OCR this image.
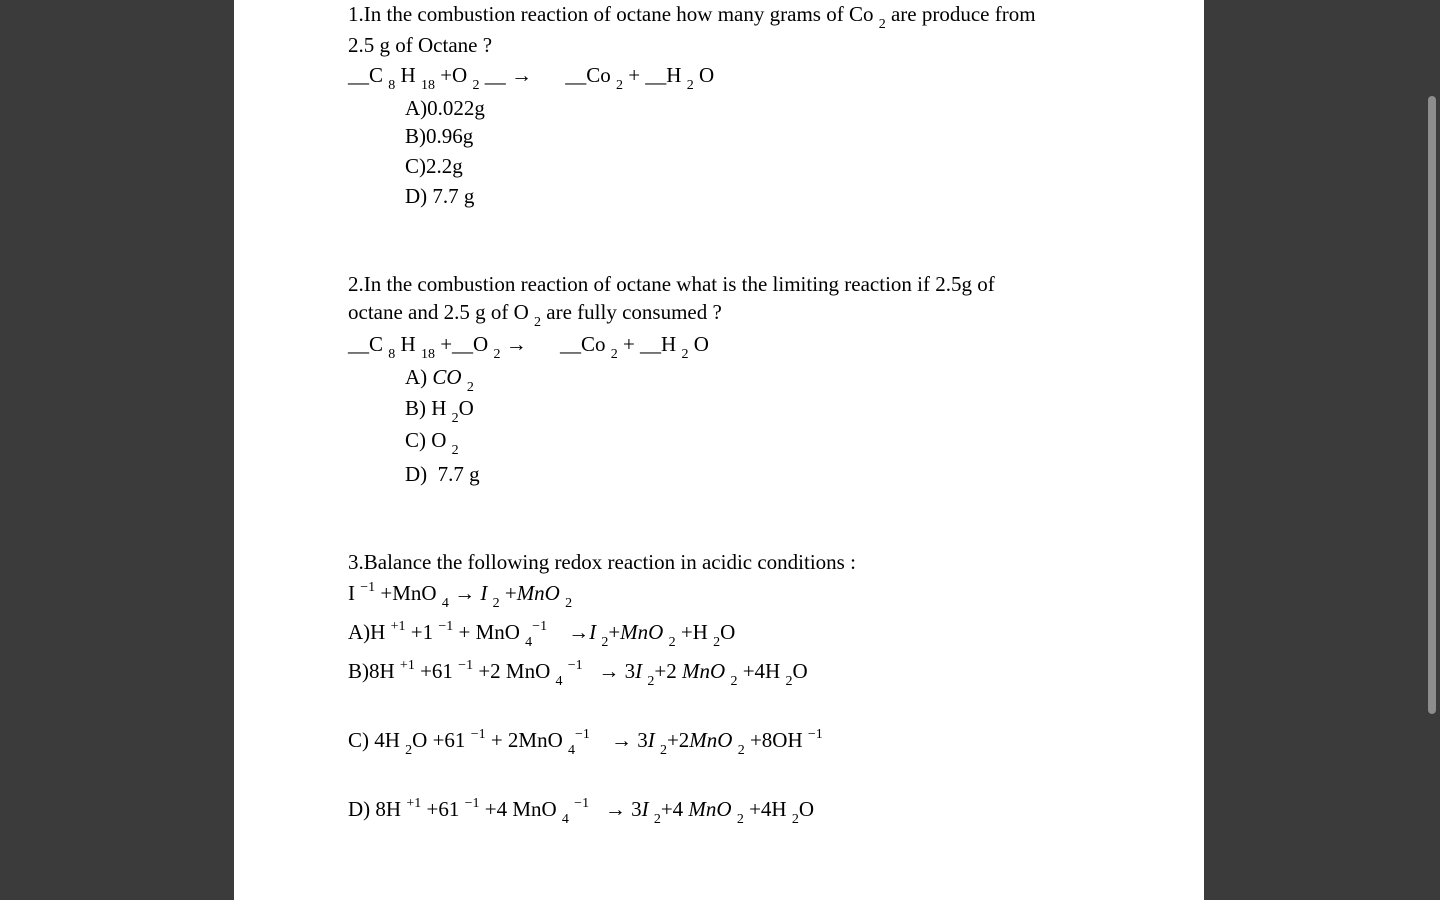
1.In the combustion reaction of octane how many grams of Co $_2$ are produce from
2.5 g of Octane ?
__C $_8$ H $_{18}$ +O $_2$ __ → __Co $_2$ + __H $_2$ O
A)0.022g
B)0.96g
C)2.2g
D) 7.7 g
2.In the combustion reaction of octane what is the limiting reaction if 2.5g of
octane and 2.5 g of O $_2$ are fully consumed ?
__C $_8$ H $_{18}$ +__O $_2$ → __Co $_2$ + __H $_2$ O
A) CO $_2$
B) H $_2$O
C) O $_2$
D)  7.7 g
3.Balance the following redox reaction in acidic conditions :
I $^{-1}$ +MnO $_4$ → I $_2$ +MnO $_2$
A)H $^{+1}$ +1 $^{-1}$ + MnO $_4^{-1}$    →I $_2$+MnO $_2$ +H $_2$O
B)8H $^{+1}$ +61 $^{-1}$ +2 MnO $_4$ $^{-1}$   → 3I $_2$+2 MnO $_2$ +4H $_2$O
C) 4H $_2$O +61 $^{-1}$ + 2MnO $_4^{-1}$    → 3I $_2$+2MnO $_2$ +8OH $^{-1}$
D) 8H $^{+1}$ +61 $^{-1}$ +4 MnO $_4$ $^{-1}$   → 3I $_2$+4 MnO $_2$ +4H $_2$O
